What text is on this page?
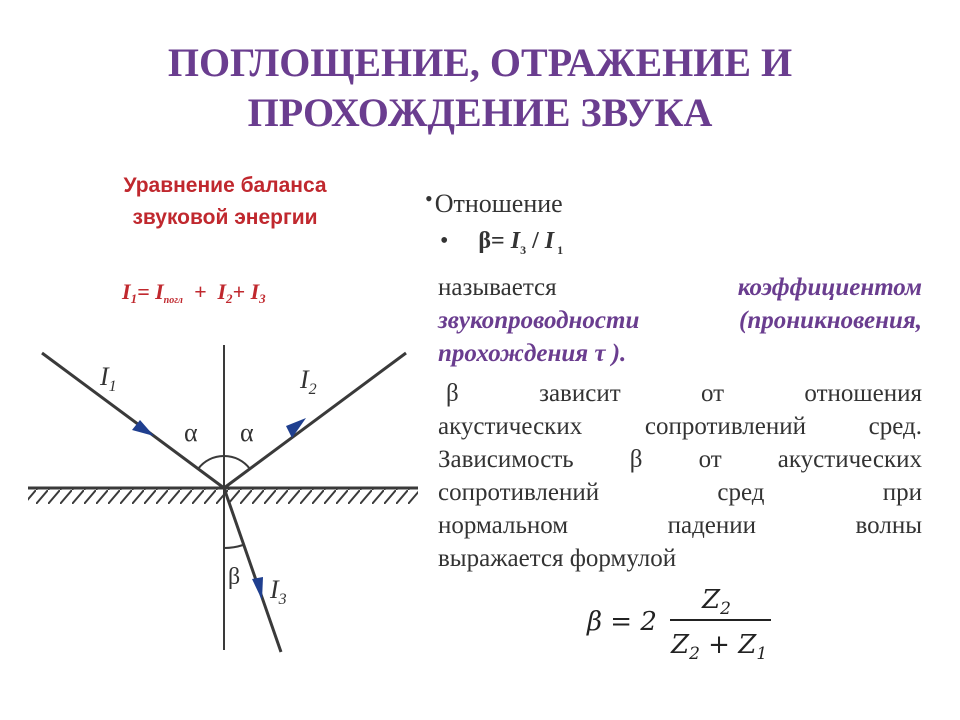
ПОГЛОЩЕНИЕ, ОТРАЖЕНИЕ И
ПРОХОЖДЕНИЕ ЗВУКА
Уравнение баланса
звуковой энергии
$I_1= I_{погл} + I_2+ I_3$
$I_1$	$I_2$
$I_3$
α α
β
•Отношение
• $\beta= I_3 / I$ $_1$
называется	коэффициентом
звукопроводности (проникновения,
прохождения τ ).
β зависит от отношения
акустических сопротивлений сред.
Зависимость β от акустических
сопротивлений сред при
нормальном падении волны
выражается формулой
β = 2
$Z_2$
$Z_2 + Z_1$
